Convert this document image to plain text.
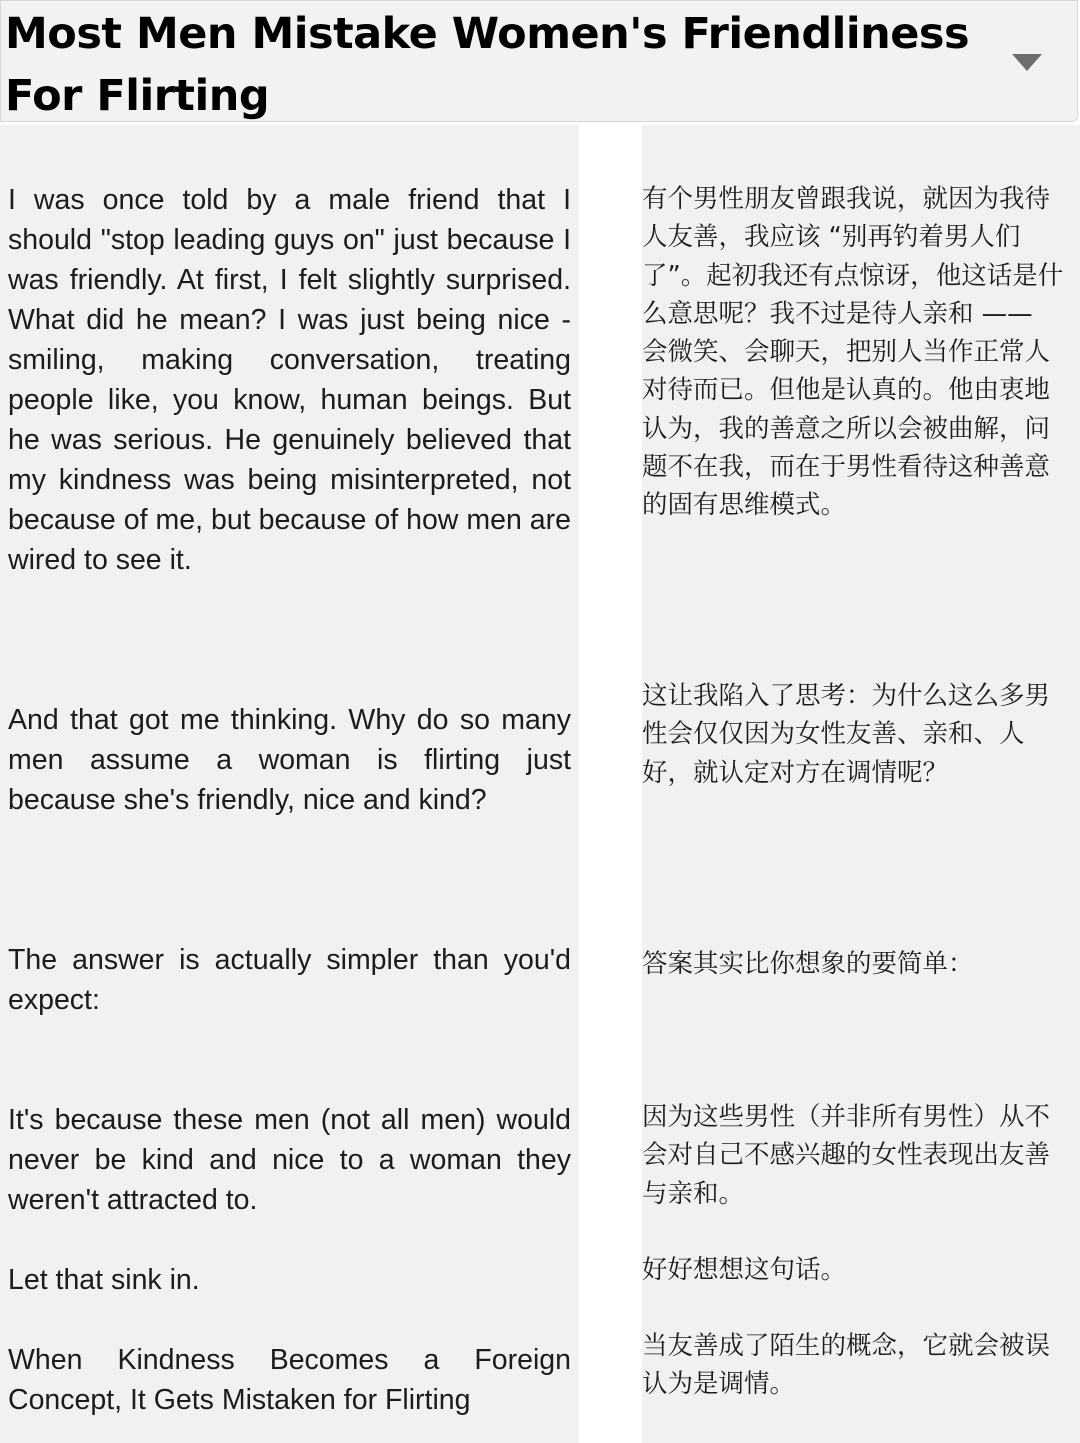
Most Men Mistake Women's Friendliness For Flirting

I was once told by a male friend that I should "stop leading guys on" just because I was friendly. At first, I felt slightly surprised. What did he mean? I was just being nice - smiling, making conversation, treating people like, you know, human beings. But he was serious. He genuinely believed that my kindness was being misinterpreted, not because of me, but because of how men are wired to see it.

And that got me thinking. Why do so many men assume a woman is flirting just because she's friendly, nice and kind?

The answer is actually simpler than you'd expect:

It's because these men (not all men) would never be kind and nice to a woman they weren't attracted to.

Let that sink in.

When Kindness Becomes a Foreign Concept, It Gets Mistaken for Flirting

有个男性朋友曾跟我说，就因为我待人友善，我应该 “别再钓着男人们了”。起初我还有点惊讶，他这话是什么意思呢？我不过是待人亲和 —— 会微笑、会聊天，把别人当作正常人对待而已。但他是认真的。他由衷地认为，我的善意之所以会被曲解，问题不在我，而在于男性看待这种善意的固有思维模式。

这让我陷入了思考：为什么这么多男性会仅仅因为女性友善、亲和、人好，就认定对方在调情呢？

答案其实比你想象的要简单：

因为这些男性（并非所有男性）从不会对自己不感兴趣的女性表现出友善与亲和。

好好想想这句话。

当友善成了陌生的概念，它就会被误认为是调情。
